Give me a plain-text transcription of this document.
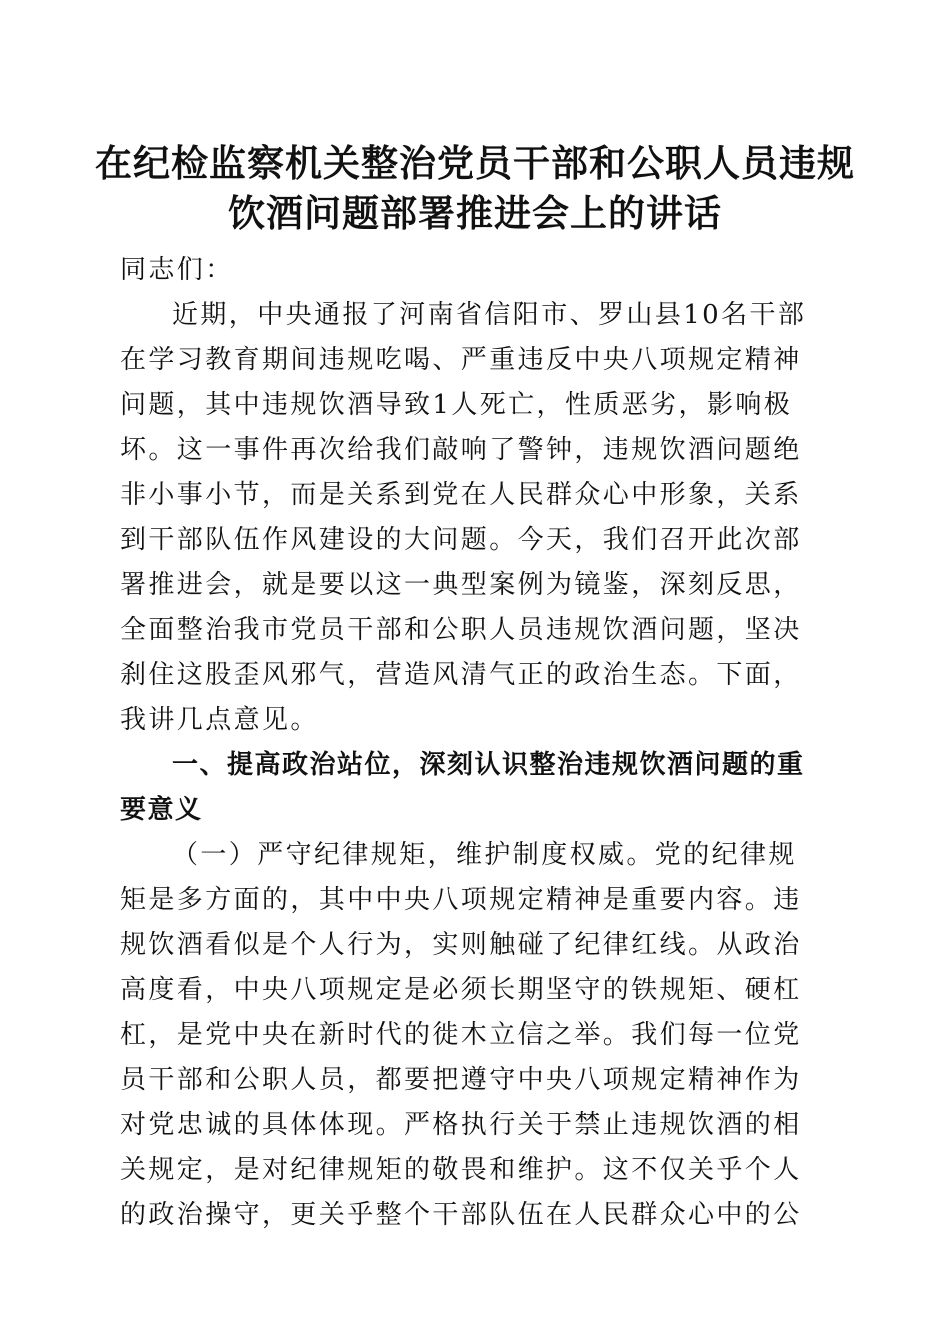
在纪检监察机关整治党员干部和公职人员违规
饮酒问题部署推进会上的讲话

同志们：

近期，中央通报了河南省信阳市、罗山县10名干部在学习教育期间违规吃喝、严重违反中央八项规定精神问题，其中违规饮酒导致1人死亡，性质恶劣，影响极坏。这一事件再次给我们敲响了警钟，违规饮酒问题绝非小事小节，而是关系到党在人民群众心中形象，关系到干部队伍作风建设的大问题。今天，我们召开此次部署推进会，就是要以这一典型案例为镜鉴，深刻反思，全面整治我市党员干部和公职人员违规饮酒问题，坚决刹住这股歪风邪气，营造风清气正的政治生态。下面，我讲几点意见。

一、提高政治站位，深刻认识整治违规饮酒问题的重要意义

（一）严守纪律规矩，维护制度权威。党的纪律规矩是多方面的，其中中央八项规定精神是重要内容。违规饮酒看似是个人行为，实则触碰了纪律红线。从政治高度看，中央八项规定是必须长期坚守的铁规矩、硬杠杠，是党中央在新时代的徙木立信之举。我们每一位党员干部和公职人员，都要把遵守中央八项规定精神作为对党忠诚的具体体现。严格执行关于禁止违规饮酒的相关规定，是对纪律规矩的敬畏和维护。这不仅关乎个人的政治操守，更关乎整个干部队伍在人民群众心中的公
